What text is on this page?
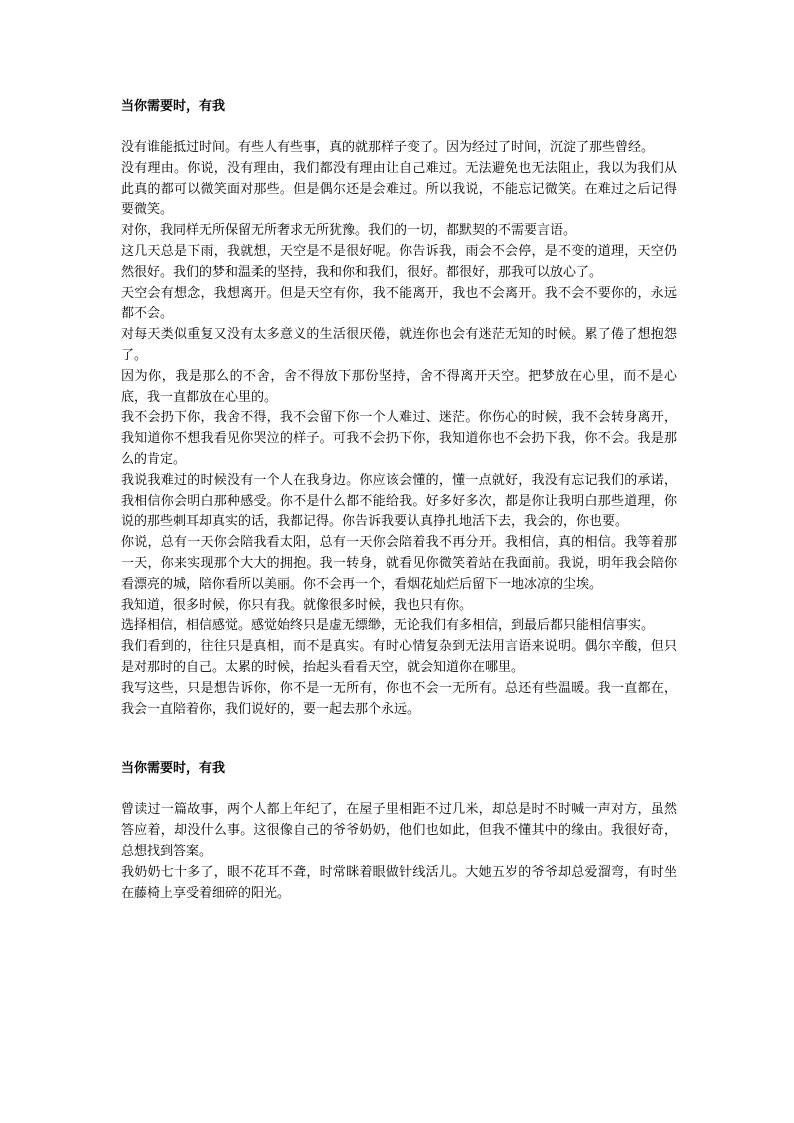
当你需要时，有我

没有谁能抵过时间。有些人有些事，真的就那样子变了。因为经过了时间，沉淀了那些曾经。

没有理由。你说，没有理由，我们都没有理由让自己难过。无法避免也无法阻止，我以为我们从此真的都可以微笑面对那些。但是偶尔还是会难过。所以我说，不能忘记微笑。在难过之后记得要微笑。

对你，我同样无所保留无所奢求无所犹豫。我们的一切，都默契的不需要言语。

这几天总是下雨，我就想，天空是不是很好呢。你告诉我，雨会不会停，是不变的道理，天空仍然很好。我们的梦和温柔的坚持，我和你和我们，很好。都很好，那我可以放心了。

天空会有想念，我想离开。但是天空有你，我不能离开，我也不会离开。我不会不要你的，永远都不会。

对每天类似重复又没有太多意义的生活很厌倦，就连你也会有迷茫无知的时候。累了倦了想抱怨了。

因为你，我是那么的不舍，舍不得放下那份坚持，舍不得离开天空。把梦放在心里，而不是心底，我一直都放在心里的。

我不会扔下你，我舍不得，我不会留下你一个人难过、迷茫。你伤心的时候，我不会转身离开，我知道你不想我看见你哭泣的样子。可我不会扔下你，我知道你也不会扔下我，你不会。我是那么的肯定。

我说我难过的时候没有一个人在我身边。你应该会懂的，懂一点就好，我没有忘记我们的承诺，我相信你会明白那种感受。你不是什么都不能给我。好多好多次，都是你让我明白那些道理，你说的那些刺耳却真实的话，我都记得。你告诉我要认真挣扎地活下去，我会的，你也要。

你说，总有一天你会陪我看太阳，总有一天你会陪着我不再分开。我相信，真的相信。我等着那一天，你来实现那个大大的拥抱。我一转身，就看见你微笑着站在我面前。我说，明年我会陪你看漂亮的城，陪你看所以美丽。你不会再一个，看烟花灿烂后留下一地冰凉的尘埃。

我知道，很多时候，你只有我。就像很多时候，我也只有你。

选择相信，相信感觉。感觉始终只是虚无缥缈，无论我们有多相信，到最后都只能相信事实。

我们看到的，往往只是真相，而不是真实。有时心情复杂到无法用言语来说明。偶尔辛酸，但只是对那时的自己。太累的时候，抬起头看看天空，就会知道你在哪里。

我写这些，只是想告诉你，你不是一无所有，你也不会一无所有。总还有些温暖。我一直都在，我会一直陪着你，我们说好的，要一起去那个永远。

当你需要时，有我

曾读过一篇故事，两个人都上年纪了，在屋子里相距不过几米，却总是时不时喊一声对方，虽然答应着，却没什么事。这很像自己的爷爷奶奶，他们也如此，但我不懂其中的缘由。我很好奇，总想找到答案。

我奶奶七十多了，眼不花耳不聋，时常眯着眼做针线活儿。大她五岁的爷爷却总爱溜弯，有时坐在藤椅上享受着细碎的阳光。
